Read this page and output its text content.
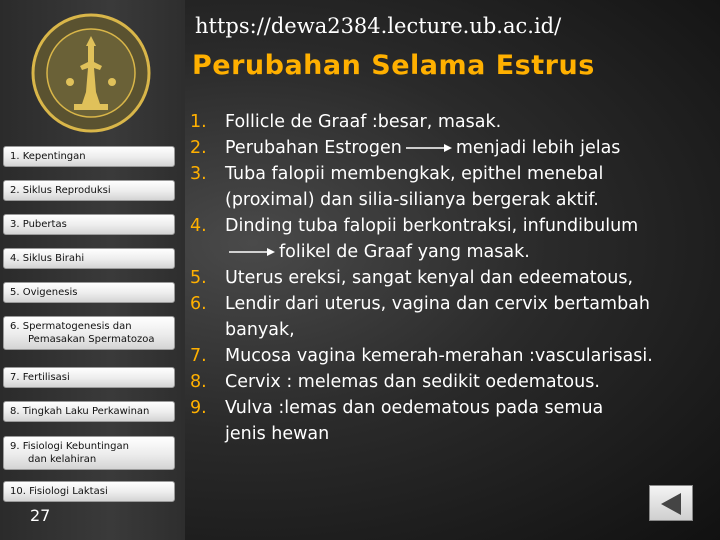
1. Kepentingan
2. Siklus Reproduksi
3. Pubertas
4. Siklus Birahi
5. Ovigenesis
6. Spermatogenesis dan
Pemasakan Spermatozoa
7. Fertilisasi
8. Tingkah Laku Perkawinan
9. Fisiologi Kebuntingan
dan kelahiran
10. Fisiologi Laktasi
27
https://dewa2384.lecture.ub.ac.id/
Perubahan Selama Estrus
1.	Follicle de Graaf :besar, masak.
2.	Perubahan Estrogen	menjadi lebih jelas
3.	Tuba falopii membengkak, epithel menebal
(proximal) dan silia-silianya bergerak aktif.
4.	Dinding tuba falopii berkontraksi, infundibulum
folikel de Graaf yang masak.
5.	Uterus ereksi, sangat kenyal dan edeematous,
6.	Lendir dari uterus, vagina dan cervix bertambah
banyak,
7.	Mucosa vagina kemerah-merahan :vascularisasi.
8.	Cervix : melemas dan sedikit oedematous.
9.	Vulva :lemas dan oedematous pada semua
jenis hewan
